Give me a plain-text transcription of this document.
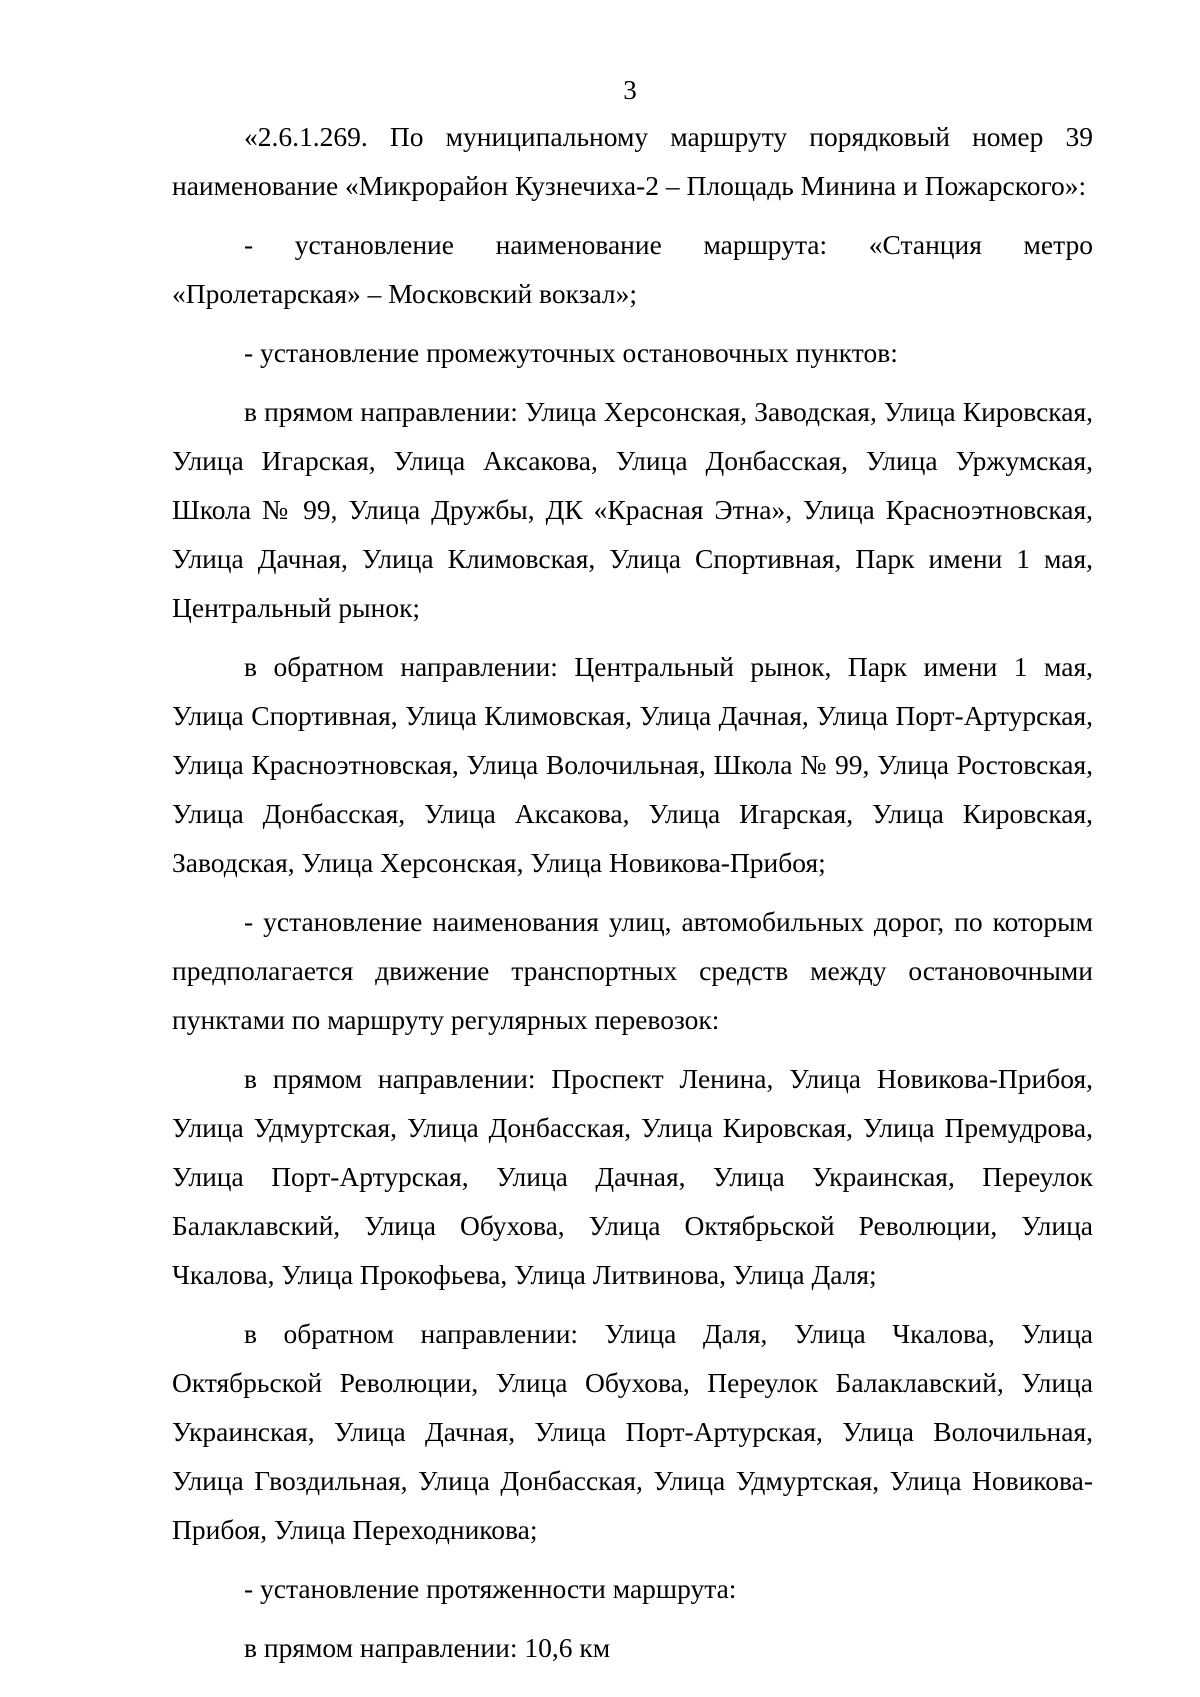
3

«2.6.1.269. По муниципальному маршруту порядковый номер 39 наименование «Микрорайон Кузнечиха-2 – Площадь Минина и Пожарского»:

- установление наименование маршрута: «Станция метро «Пролетарская» – Московский вокзал»;

- установление промежуточных остановочных пунктов:

в прямом направлении: Улица Херсонская, Заводская, Улица Кировская, Улица Игарская, Улица Аксакова, Улица Донбасская, Улица Уржумская, Школа № 99, Улица Дружбы, ДК «Красная Этна», Улица Красноэтновская, Улица Дачная, Улица Климовская, Улица Спортивная, Парк имени 1 мая, Центральный рынок;

в обратном направлении: Центральный рынок, Парк имени 1 мая, Улица Спортивная, Улица Климовская, Улица Дачная, Улица Порт-Артурская, Улица Красноэтновская, Улица Волочильная, Школа № 99, Улица Ростовская, Улица Донбасская, Улица Аксакова, Улица Игарская, Улица Кировская, Заводская, Улица Херсонская, Улица Новикова-Прибоя;

- установление наименования улиц, автомобильных дорог, по которым предполагается движение транспортных средств между остановочными пунктами по маршруту регулярных перевозок:

в прямом направлении: Проспект Ленина, Улица Новикова-Прибоя, Улица Удмуртская, Улица Донбасская, Улица Кировская, Улица Премудрова, Улица Порт-Артурская, Улица Дачная, Улица Украинская, Переулок Балаклавский, Улица Обухова, Улица Октябрьской Революции, Улица Чкалова, Улица Прокофьева, Улица Литвинова, Улица Даля;

в обратном направлении: Улица Даля, Улица Чкалова, Улица Октябрьской Революции, Улица Обухова, Переулок Балаклавский, Улица Украинская, Улица Дачная, Улица Порт-Артурская, Улица Волочильная, Улица Гвоздильная, Улица Донбасская, Улица Удмуртская, Улица Новикова-Прибоя, Улица Переходникова;

- установление протяженности маршрута:

в прямом направлении: 10,6 км
